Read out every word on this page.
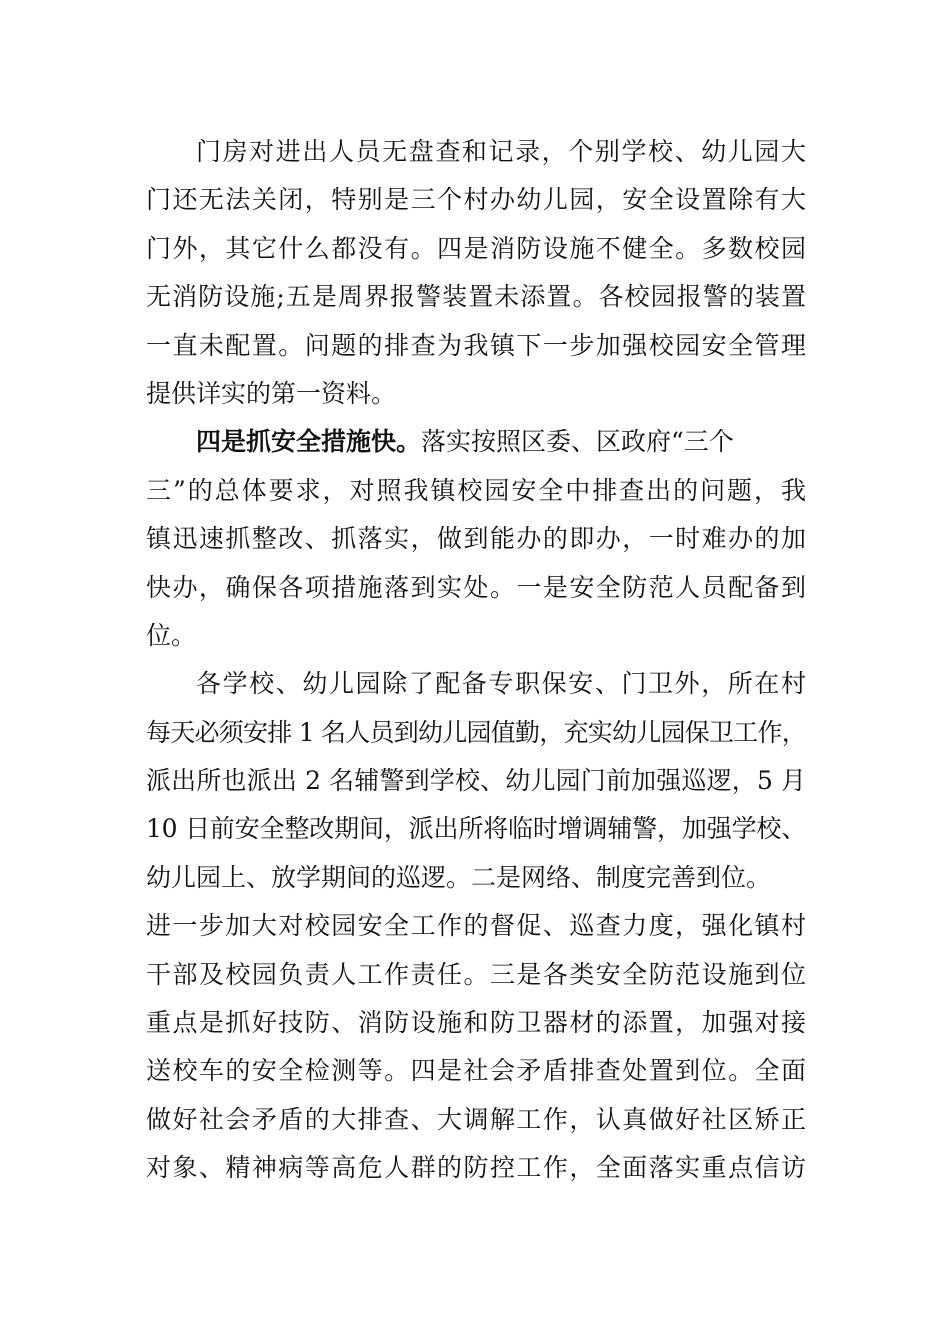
门房对进出人员无盘查和记录，个别学校、幼儿园大
门还无法关闭，特别是三个村办幼儿园，安全设置除有大
门外，其它什么都没有。四是消防设施不健全。多数校园
无消防设施;五是周界报警装置未添置。各校园报警的装置
一直未配置。问题的排查为我镇下一步加强校园安全管理
提供详实的第一资料。
四是抓安全措施快。落实按照区委、区政府“三个
三”的总体要求，对照我镇校园安全中排查出的问题，我
镇迅速抓整改、抓落实，做到能办的即办，一时难办的加
快办，确保各项措施落到实处。一是安全防范人员配备到
位。
各学校、幼儿园除了配备专职保安、门卫外，所在村
每天必须安排 1 名人员到幼儿园值勤，充实幼儿园保卫工作，
派出所也派出 2 名辅警到学校、幼儿园门前加强巡逻，5 月
10 日前安全整改期间，派出所将临时增调辅警，加强学校、
幼儿园上、放学期间的巡逻。二是网络、制度完善到位。
进一步加大对校园安全工作的督促、巡查力度，强化镇村
干部及校园负责人工作责任。三是各类安全防范设施到位
重点是抓好技防、消防设施和防卫器材的添置，加强对接
送校车的安全检测等。四是社会矛盾排查处置到位。全面
做好社会矛盾的大排查、大调解工作，认真做好社区矫正
对象、精神病等高危人群的防控工作，全面落实重点信访
